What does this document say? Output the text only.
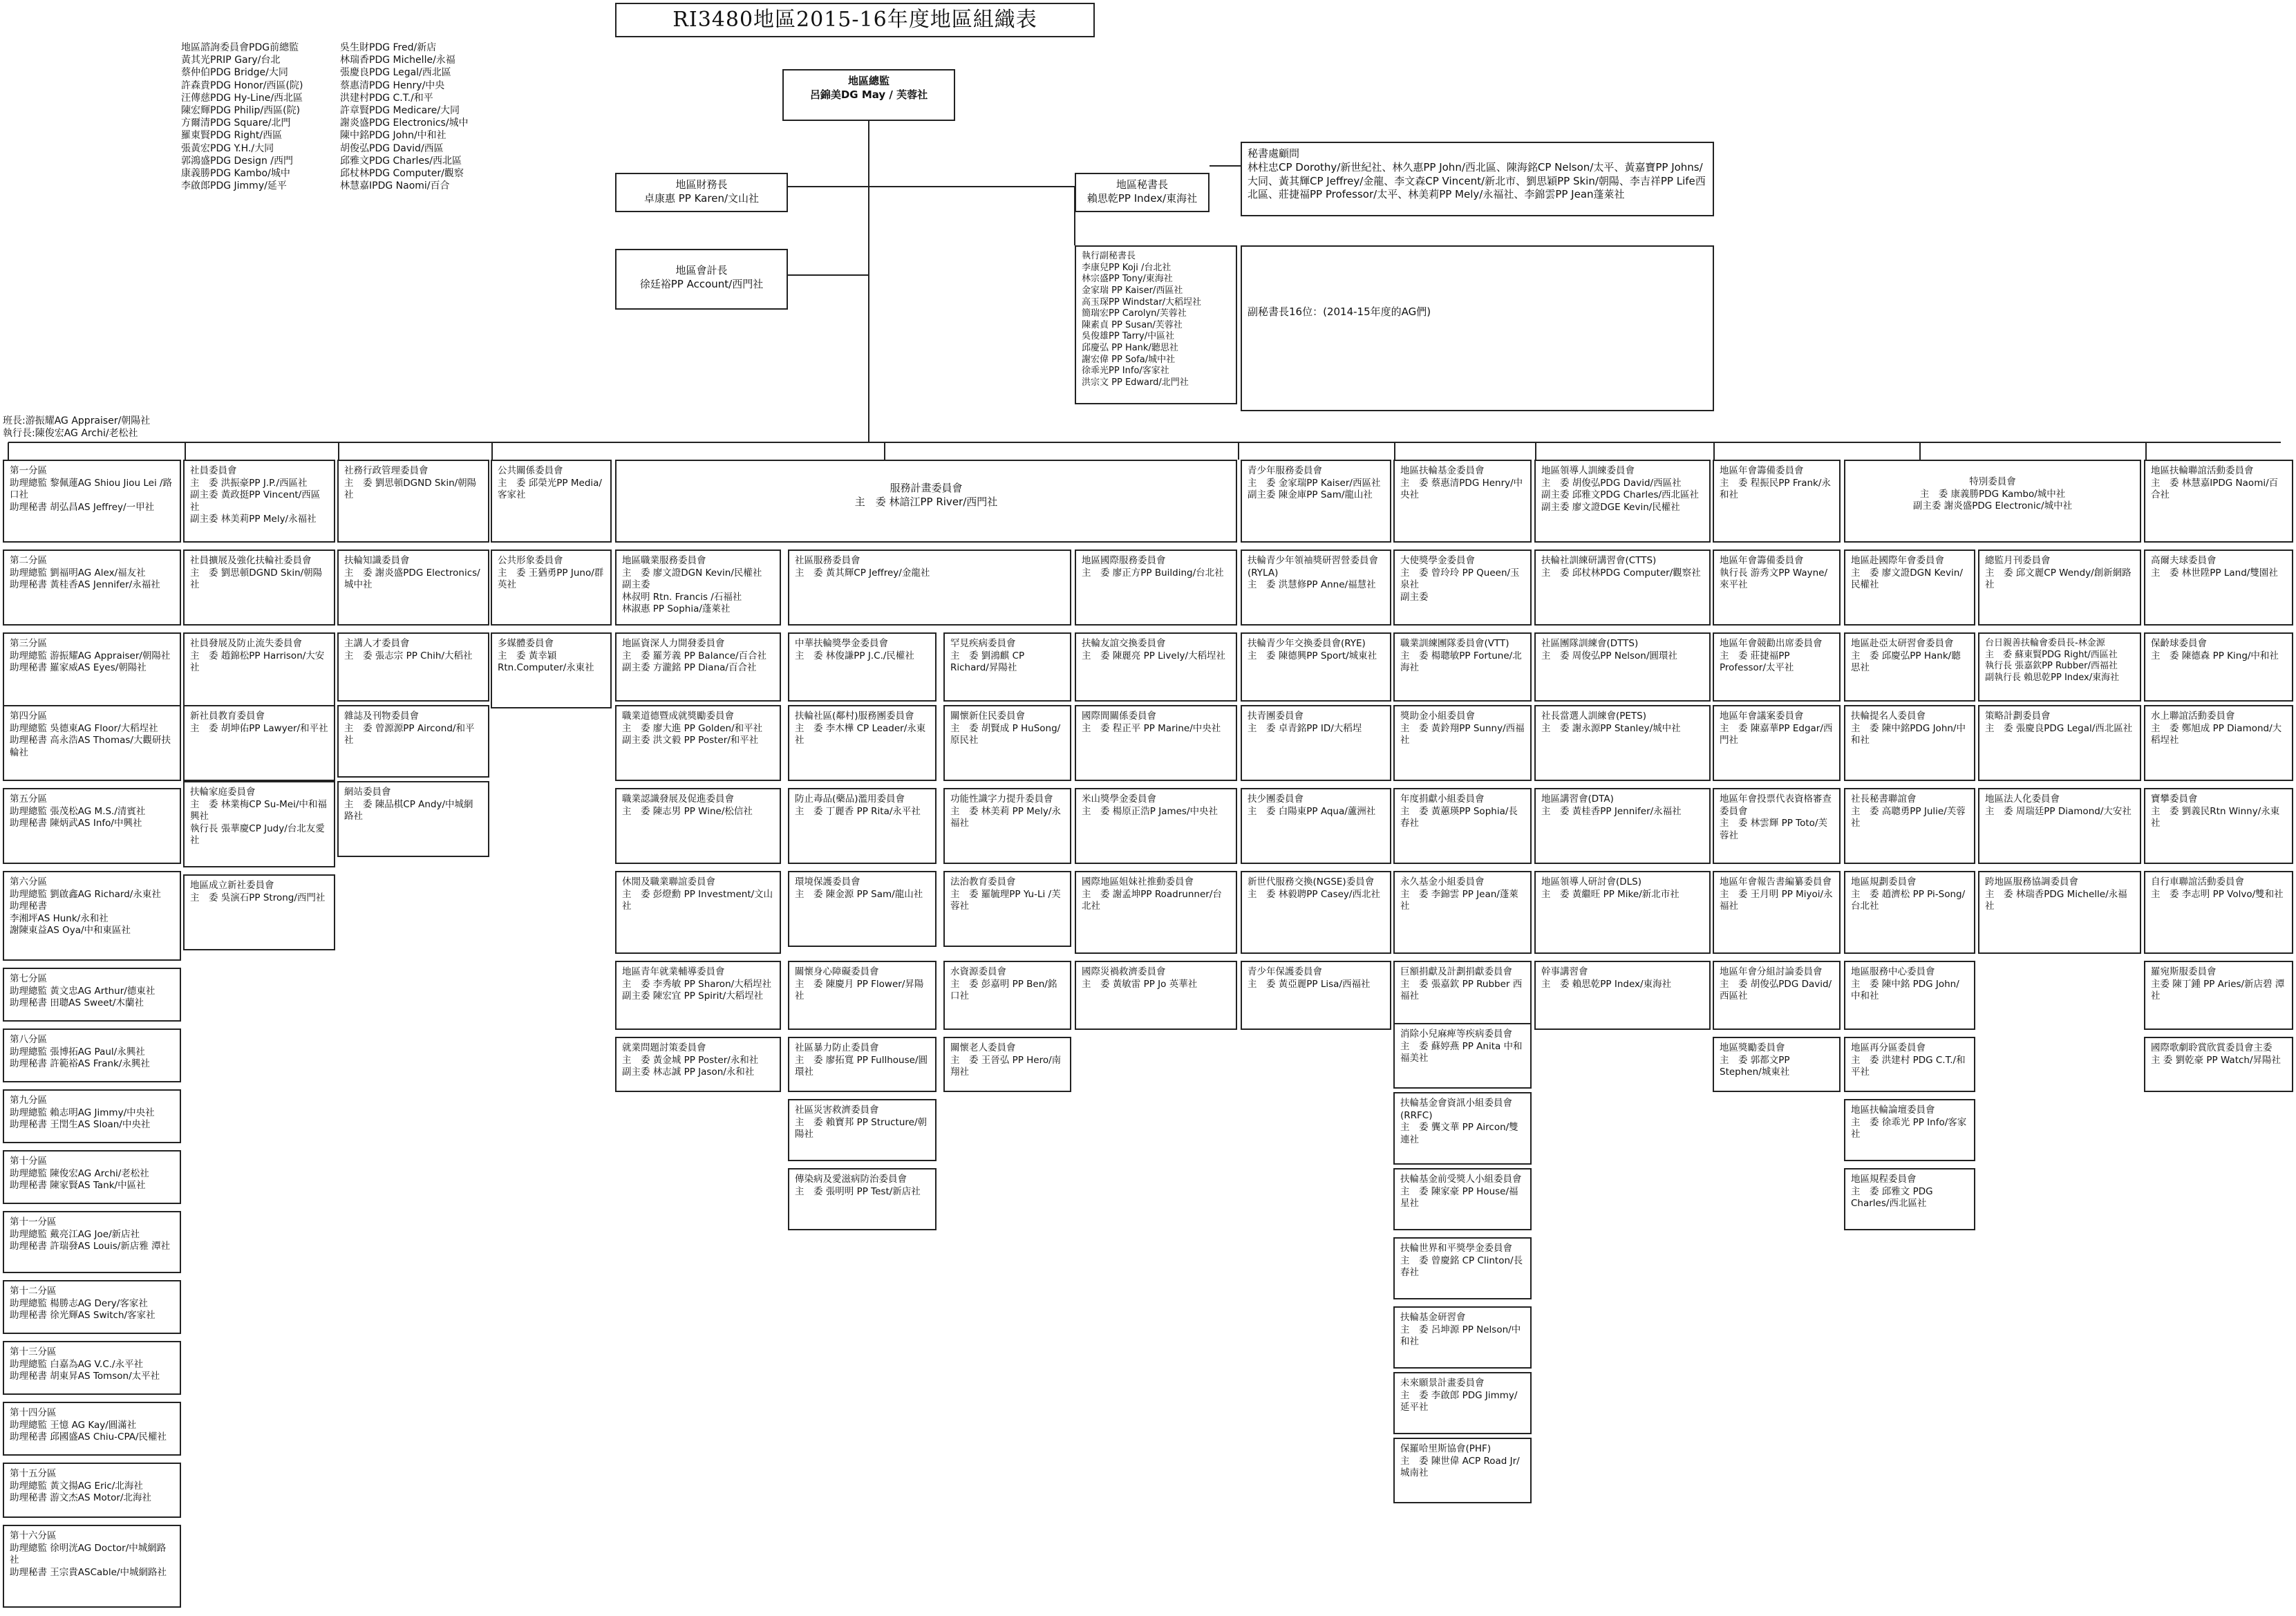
RI3480地區2015-16年度地區組織表
地區諮詢委員會PDG前總監
黃其光PRIP Gary/台北
蔡仲伯PDG Bridge/大同
許森貴PDG Honor/西區(院)
汪傳慈PDG Hy-Line/西北區
陳宏輝PDG Philip/西區(院)
方爾清PDG Square/北門
羅東賢PDG Right/西區
張黃宏PDG Y.H./大同
郭鴻盛PDG Design /西門
康義勝PDG Kambo/城中
李啟郎PDG Jimmy/延平
吳生財PDG Fred/新店
林瑞香PDG Michelle/永福
張慶良PDG Legal/西北區
蔡惠清PDG Henry/中央
洪建村PDG C.T./和平
許章賢PDG Medicare/大同
謝炎盛PDG Electronics/城中
陳中銘PDG John/中和社
胡俊弘PDG David/西區
邱雅文PDG Charles/西北區
邱杖林PDG Computer/觀察
林慧嘉IPDG Naomi/百合
地區總監
呂錦美DG May / 芙蓉社
地區財務長
卓康惠 PP Karen/文山社
地區秘書長
賴思乾PP Index/東海社
秘書處顧問
林柱忠CP Dorothy/新世紀社、林久惠PP John/西北區、陳海銘CP Nelson/太平、黃嘉寶PP Johns/大同、黃其輝CP Jeffrey/金龍、李文森CP Vincent/新北市、劉思穎PP Skin/朝陽、李吉祥PP Life西北區、莊捷福PP Professor/太平、林美莉PP Mely/永福社、李錦雲PP Jean蓬萊社
地區會計長
徐廷裕PP Account/西門社
執行副秘書長
李康兒PP Koji /台北社
林宗盛PP Tony/東海社
金家瑞 PP Kaiser/西區社
高玉琛PP Windstar/大稻埕社
簡瑞宏PP Carolyn/芙蓉社
陳素貞 PP Susan/芙蓉社
吳俊雄PP Tarry/中區社
邱慶弘 PP Hank/聽思社
謝宏偉 PP Sofa/城中社
徐乖光PP Info/客家社
洪宗文 PP Edward/北門社
副秘書長16位：(2014-15年度的AG們)
班長:游振耀AG Appraiser/朝陽社
執行長:陳俊宏AG Archi/老松社
第一分區
助理總監 黎佩蓮AG Shiou Jiou Lei /路口社
助理秘書 胡弘昌AS Jeffrey/一甲社
第二分區
助理總監 劉福明AG Alex/福友社
助理秘書 黃桂香AS Jennifer/永福社
第三分區
助理總監 游振耀AG Appraiser/朝陽社
助理秘書 羅家威AS Eyes/朝陽社
第四分區
助理總監 吳德東AG Floor/大稻埕社
助理秘書 高永浩AS Thomas/大觀研扶輪社
第五分區
助理總監 張茂松AG M.S./清賓社
助理秘書 陳炳武AS Info/中興社
第六分區
助理總監 劉啟鑫AG Richard/永東社
助理秘書
李湘坪AS Hunk/永和社
謝陳東益AS Oya/中和東區社
第七分區
助理總監 黃文忠AG Arthur/德東社
助理秘書 田聰AS Sweet/木蘭社
第八分區
助理總監 張博拓AG Paul/永興社
助理秘書 許範裕AS Frank/永興社
第九分區
助理總監 賴志明AG Jimmy/中央社
助理秘書 王閏生AS Sloan/中央社
第十分區
助理總監 陳俊宏AG Archi/老松社
助理秘書 陳家賢AS Tank/中區社
第十一分區
助理總監 戴亮江AG Joe/新店社
助理秘書 許瑞發AS Louis/新店雅 潭社
第十二分區
助理總監 楊勝志AG Dery/客家社
助理秘書 徐光輝AS Switch/客家社
第十三分區
助理總監 白嘉為AG V.C./永平社
助理秘書 胡東昇AS Tomson/太平社
第十四分區
助理總監 王憶 AG Kay/圓滿社
助理秘書 邱國盛AS Chiu-CPA/民權社
第十五分區
助理總監 黃文揚AG Eric/北海社
助理秘書 游文杰AS Motor/北海社
第十六分區
助理總監 徐明洸AG Doctor/中城網路社
助理秘書 王宗貴ASCable/中城網路社
社員委員會
主　委 洪振豪PP J.P./西區社
副主委 黃政挺PP Vincent/西區社
副主委 林美莉PP Mely/永福社
社員擴展及強化扶輪社委員會
主　委 劉思頓DGND Skin/朝陽社
社員發展及防止流失委員會
主　委 趙錦松PP Harrison/大安社
新社員教育委員會
主　委 胡坤佑PP Lawyer/和平社
扶輪家庭委員會
主　委 林業梅CP Su-Mei/中和福興社
執行長 張華慶CP Judy/台北友愛社
地區成立新社委員會
主　委 吳演石PP Strong/西門社
社務行政管理委員會
主　委 劉思頓DGND Skin/朝陽社
扶輪知識委員會
主　委 謝炎盛PDG Electronics/城中社
主講人才委員會
主　委 張志宗 PP Chih/大稻社
雜誌及刊物委員會
主　委 曾源源PP Aircond/和平社
網站委員會
主　委 陳品棋CP Andy/中城網路社
公共關係委員會
主　委 邱榮光PP Media/客家社
公共形象委員會
主　委 王猶勇PP Juno/群英社
多媒體委員會
主　委 黃幸穎
Rtn.Computer/永東社
服務計畫委員會
主　委 林諳江PP River/西門社
地區職業服務委員會
主　委 廖文證DGN Kevin/民權社
副主委
林叔明 Rtn. Francis /石福社
林淑惠 PP Sophia/蓬萊社
地區資深人力開發委員會
主　委 羅芳義 PP Balance/百合社
副主委 方瀧銘 PP Diana/百合社
職業道德暨成就獎勵委員會
主　委 廖大進 PP Golden/和平社
副主委 洪文毅 PP Poster/和平社
職業認識發展及促進委員會
主　委 陳志男 PP Wine/松信社
休閒及職業聯誼委員會
主　委 彭燈勳 PP Investment/文山社
地區青年就業輔導委員會
主　委 李秀敏 PP Sharon/大稻埕社
副主委 陳宏宜 PP Spirit/大稻埕社
就業問題討策委員會
主　委 黃金城 PP Poster/永和社
副主委 林志誠 PP Jason/永和社
社區服務委員會
主　委 黃其輝CP Jeffrey/金龍社
中華扶輪獎學金委員會
主　委 林俊謙PP J.C./民權社
扶輪社區(鄰村)服務團委員會
主　委 李木樺 CP Leader/永東社
防止毒品(藥品)濫用委員會
主　委 丁麗香 PP Rita/永平社
環境保護委員會
主　委 陳金源 PP Sam/龍山社
關懷身心障礙委員會
主　委 陳慶月 PP Flower/昇陽社
社區暴力防止委員會
主　委 廖拓寬 PP Fullhouse/圓環社
社區災害救濟委員會
主　委 賴寶邦 PP Structure/朝陽社
傳染病及愛滋病防治委員會
主　委 張明明 PP Test/新店社
罕見疾病委員會
主　委 劉鴻麒 CP Richard/昇陽社
關懷新住民委員會
主　委 胡賢成 P HuSong/原民社
功能性識字力提升委員會
主　委 林美莉 PP Mely/永福社
法治教育委員會
主　委 羅毓理PP Yu-Li /芙蓉社
水資源委員會
主　委 彭嘉明 PP Ben/銘口社
關懷老人委員會
主　委 王晉弘 PP Hero/南翔社
地區國際服務委員會
主　委 廖正方PP Building/台北社
扶輪友誼交換委員會
主　委 陳麗亮 PP Lively/大稻埕社
國際間關係委員會
主　委 程正平 PP Marine/中央社
米山獎學金委員會
主　委 楊原正浩P James/中央社
國際地區姐妹社推動委員會
主　委 謝孟坤PP Roadrunner/台北社
國際災禍救濟委員會
主　委 黃敏雷 PP Jo 英華社
青少年服務委員會
主　委 金家瑞PP Kaiser/西區社
副主委 陳金庫PP Sam/龍山社
扶輪青少年領袖獎研習營委員會(RYLA)
主　委 洪慧修PP Anne/福慧社
扶輪青少年交換委員會(RYE)
主　委 陳德興PP Sport/城東社
扶青團委員會
主　委 卓青銘PP ID/大稻埕
扶少團委員會
主　委 白陽東PP Aqua/蘆洲社
新世代服務交換(NGSE)委員會
主　委 林毅聘PP Casey/西北社
青少年保護委員會
主　委 黃亞麗PP Lisa/西福社
地區扶輪基金委員會
主　委 蔡惠清PDG Henry/中央社
大使獎學金委員會
主　委 曾玲玲 PP Queen/玉泉社
副主委
職業訓練團隊委員會(VTT)
主　委 楊聰敏PP Fortune/北海社
獎助金小組委員會
主　委 黃鈴翔PP Sunny/西福社
年度捐獻小組委員會
主　委 黃蕙瑛PP Sophia/長春社
永久基金小組委員會
主　委 李錦雲 PP Jean/蓬萊社
巨額捐獻及計劃捐獻委員會
主　委 張嘉欽 PP Rubber 西福社
消除小兒麻痺等疾病委員會
主　委 蘇婷燕 PP Anita 中和福美社
扶輪基金會資訊小組委員會(RRFC)
主　委 龔文華 PP Aircon/雙連社
扶輪基金前受獎人小組委員會
主　委 陳家豪 PP House/福星社
扶輪世界和平獎學金委員會
主　委 曾慶銘 CP Clinton/長春社
扶輪基金研習會
主　委 呂坤源 PP Nelson/中和社
未來願景計畫委員會
主　委 李啟郎 PDG Jimmy/延平社
保羅哈里斯協會(PHF)
主　委 陳世偉 ACP Road Jr/城南社
地區領導人訓練委員會
主　委 胡俊弘PDG David/西區社
副主委 邱雅文PDG Charles/西北區社
副主委 廖文證DGE Kevin/民權社
扶輪社訓練研講習會(CTTS)
主　委 邱杖林PDG Computer/觀察社
社區團隊訓練會(DTTS)
主　委 周俊弘PP Nelson/圓環社
社長當選人訓練會(PETS)
主　委 謝永源PP Stanley/城中社
地區講習會(DTA)
主　委 黃桂香PP Jennifer/永福社
地區領導人研討會(DLS)
主　委 黃繼旺 PP Mike/新北市社
幹事講習會
主　委 賴思乾PP Index/東海社
地區年會籌備委員會
主　委 程振民PP Frank/永和社
地區年會籌備委員會
執行長 游秀文PP Wayne/來平社
地區年會競勸出席委員會
主　委 莊捷福PP Professor/太平社
地區年會議案委員會
主　委 陳嘉華PP Edgar/西門社
地區年會投票代表資格審查委員會
主　委 林雲輝 PP Toto/芙蓉社
地區年會報告書編纂委員會
主　委 王月明 PP Miyoi/永福社
地區年會分組討論委員會
主　委 胡俊弘PDG David/西區社
地區獎勵委員會
主　委 郭都文PP Stephen/城東社
特別委員會
主　委 康義勝PDG Kambo/城中社
副主委 謝炎盛PDG Electronic/城中社
地區赴國際年會委員會
主　委 廖文證DGN Kevin/民權社
地區赴亞太研習會委員會
主　委 邱慶弘PP Hank/聽思社
扶輪提名人委員會
主　委 陳中銘PDG John/中和社
社長秘書聯誼會
主　委 高聰勇PP Julie/芙蓉社
地區規劃委員會
主　委 趙濟松 PP Pi-Song/台北社
地區服務中心委員會
主　委 陳中銘 PDG John/中和社
地區再分區委員會
主　委 洪建村 PDG C.T./和平社
地區扶輪論壇委員會
主　委 徐乖光 PP Info/客家社
地區規程委員會
主　委 邱雅文 PDG Charles/西北區社
總監月刊委員會
主　委 邱文麗CP Wendy/創新網路社
台日親善扶輪會委員長-林金源
主　委 蘇東賢PDG Right/西區社
執行長 張嘉欽PP Rubber/西福社
副執行長 賴思乾PP Index/東海社
策略計劃委員會
主　委 張慶良PDG Legal/西北區社
地區法人化委員會
主　委 周瑞廷PP Diamond/大安社
跨地區服務協調委員會
主　委 林瑞香PDG Michelle/永福社
地區扶輪聯誼活動委員會
主　委 林慧嘉IPDG Naomi/百合社
高爾夫球委員會
主　委 林世陞PP Land/雙園社
保齡球委員會
主　委 陳德森 PP King/中和社
水上聯誼活動委員會
主　委 鄭旭成 PP Diamond/大稻埕社
寶攀委員會
主　委 劉義民Rtn Winny/永東社
自行車聯誼活動委員會
主　委 李志明 PP Volvo/雙和社
羅宛斯服委員會
主委 陳丁鍾 PP Aries/新店碧 潭社
國際歌劇聆賞欣賞委員會主委
主 委 劉乾豪 PP Watch/昇陽社
